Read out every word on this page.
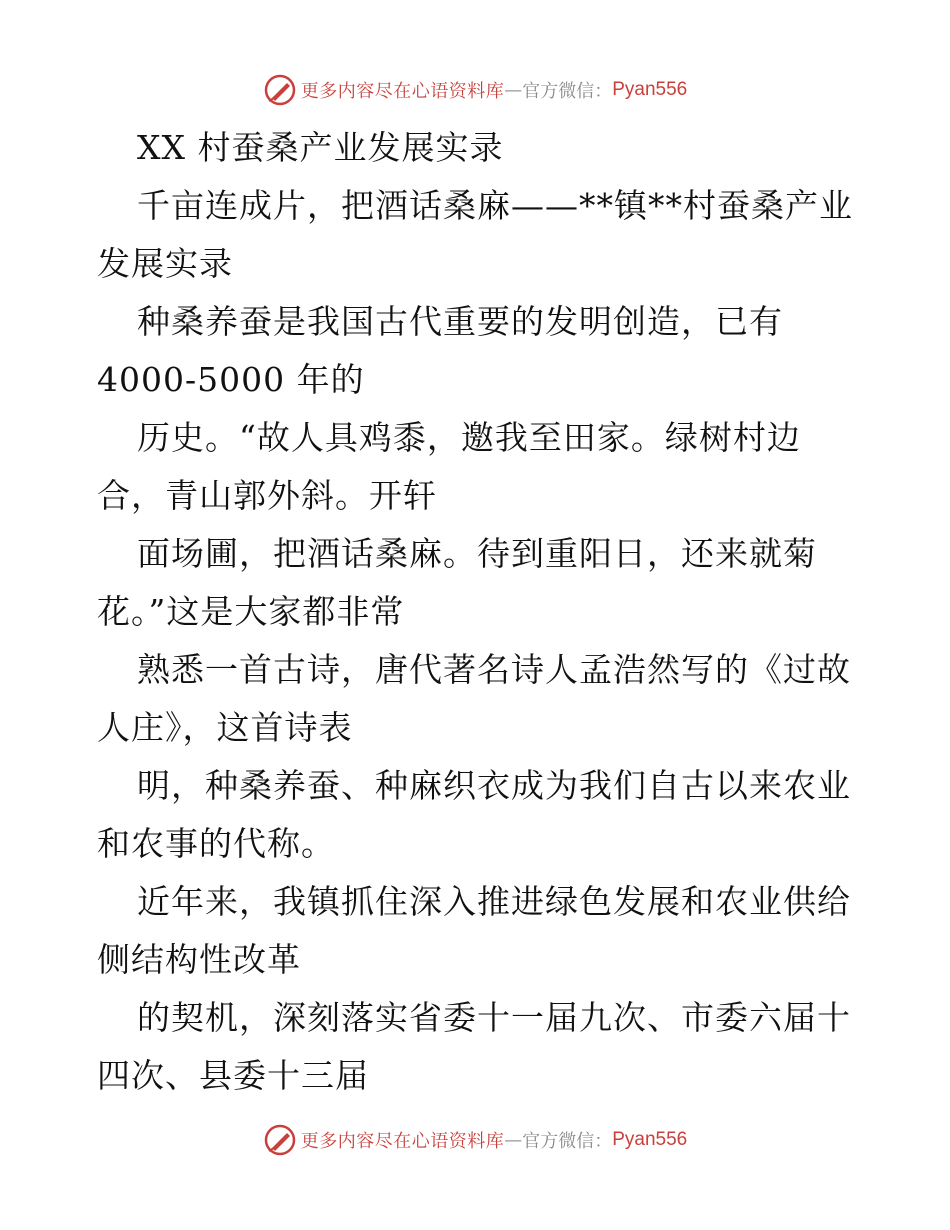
更多内容尽在心语资料库 — 官方微信： Pyan556
XX 村蚕桑产业发展实录
千亩连成片，把酒话桑麻——**镇**村蚕桑产业
发展实录
种桑养蚕是我国古代重要的发明创造，已有
4000-5000 年的
历史。“故人具鸡黍，邀我至田家。绿树村边
合，青山郭外斜。开轩
面场圃，把酒话桑麻。待到重阳日，还来就菊
花。”这是大家都非常
熟悉一首古诗，唐代著名诗人孟浩然写的《过故
人庄》，这首诗表
明，种桑养蚕、种麻织衣成为我们自古以来农业
和农事的代称。
近年来，我镇抓住深入推进绿色发展和农业供给
侧结构性改革
的契机，深刻落实省委十一届九次、市委六届十
四次、县委十三届
更多内容尽在心语资料库 — 官方微信： Pyan556
